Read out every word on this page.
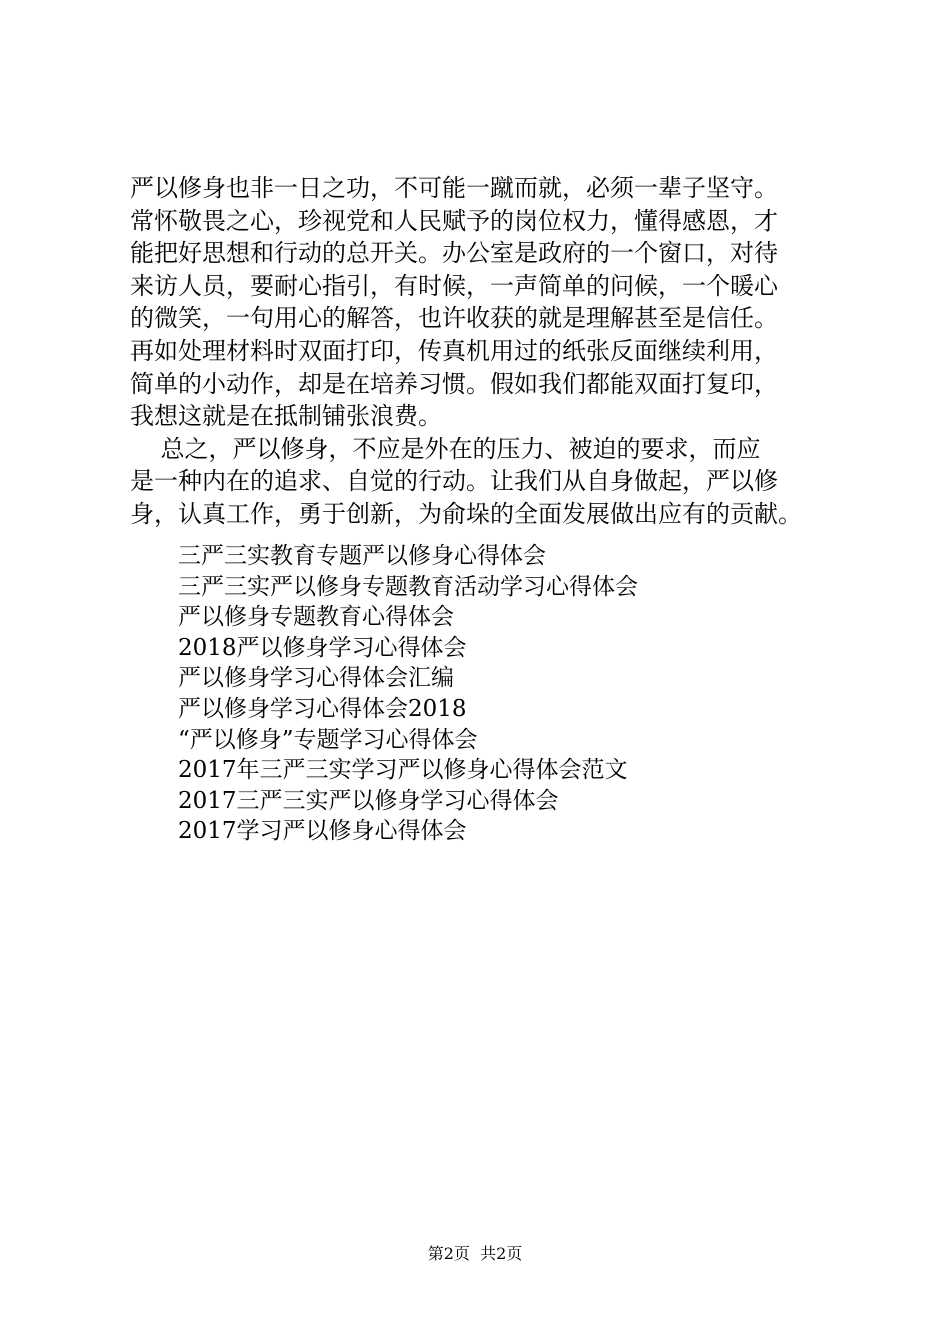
严以修身也非一日之功，不可能一蹴而就，必须一辈子坚守。
常怀敬畏之心，珍视党和人民赋予的岗位权力，懂得感恩，才
能把好思想和行动的总开关。办公室是政府的一个窗口，对待
来访人员，要耐心指引，有时候，一声简单的问候，一个暖心
的微笑，一句用心的解答，也许收获的就是理解甚至是信任。
再如处理材料时双面打印，传真机用过的纸张反面继续利用，
简单的小动作，却是在培养习惯。假如我们都能双面打复印，
我想这就是在抵制铺张浪费。
总之，严以修身，不应是外在的压力、被迫的要求，而应
是一种内在的追求、自觉的行动。让我们从自身做起，严以修
身，认真工作，勇于创新，为俞垛的全面发展做出应有的贡献。
三严三实教育专题严以修身心得体会
三严三实严以修身专题教育活动学习心得体会
严以修身专题教育心得体会
2018严以修身学习心得体会
严以修身学习心得体会汇编
严以修身学习心得体会2018
“严以修身”专题学习心得体会
2017年三严三实学习严以修身心得体会范文
2017三严三实严以修身学习心得体会
2017学习严以修身心得体会
第2页  共2页
